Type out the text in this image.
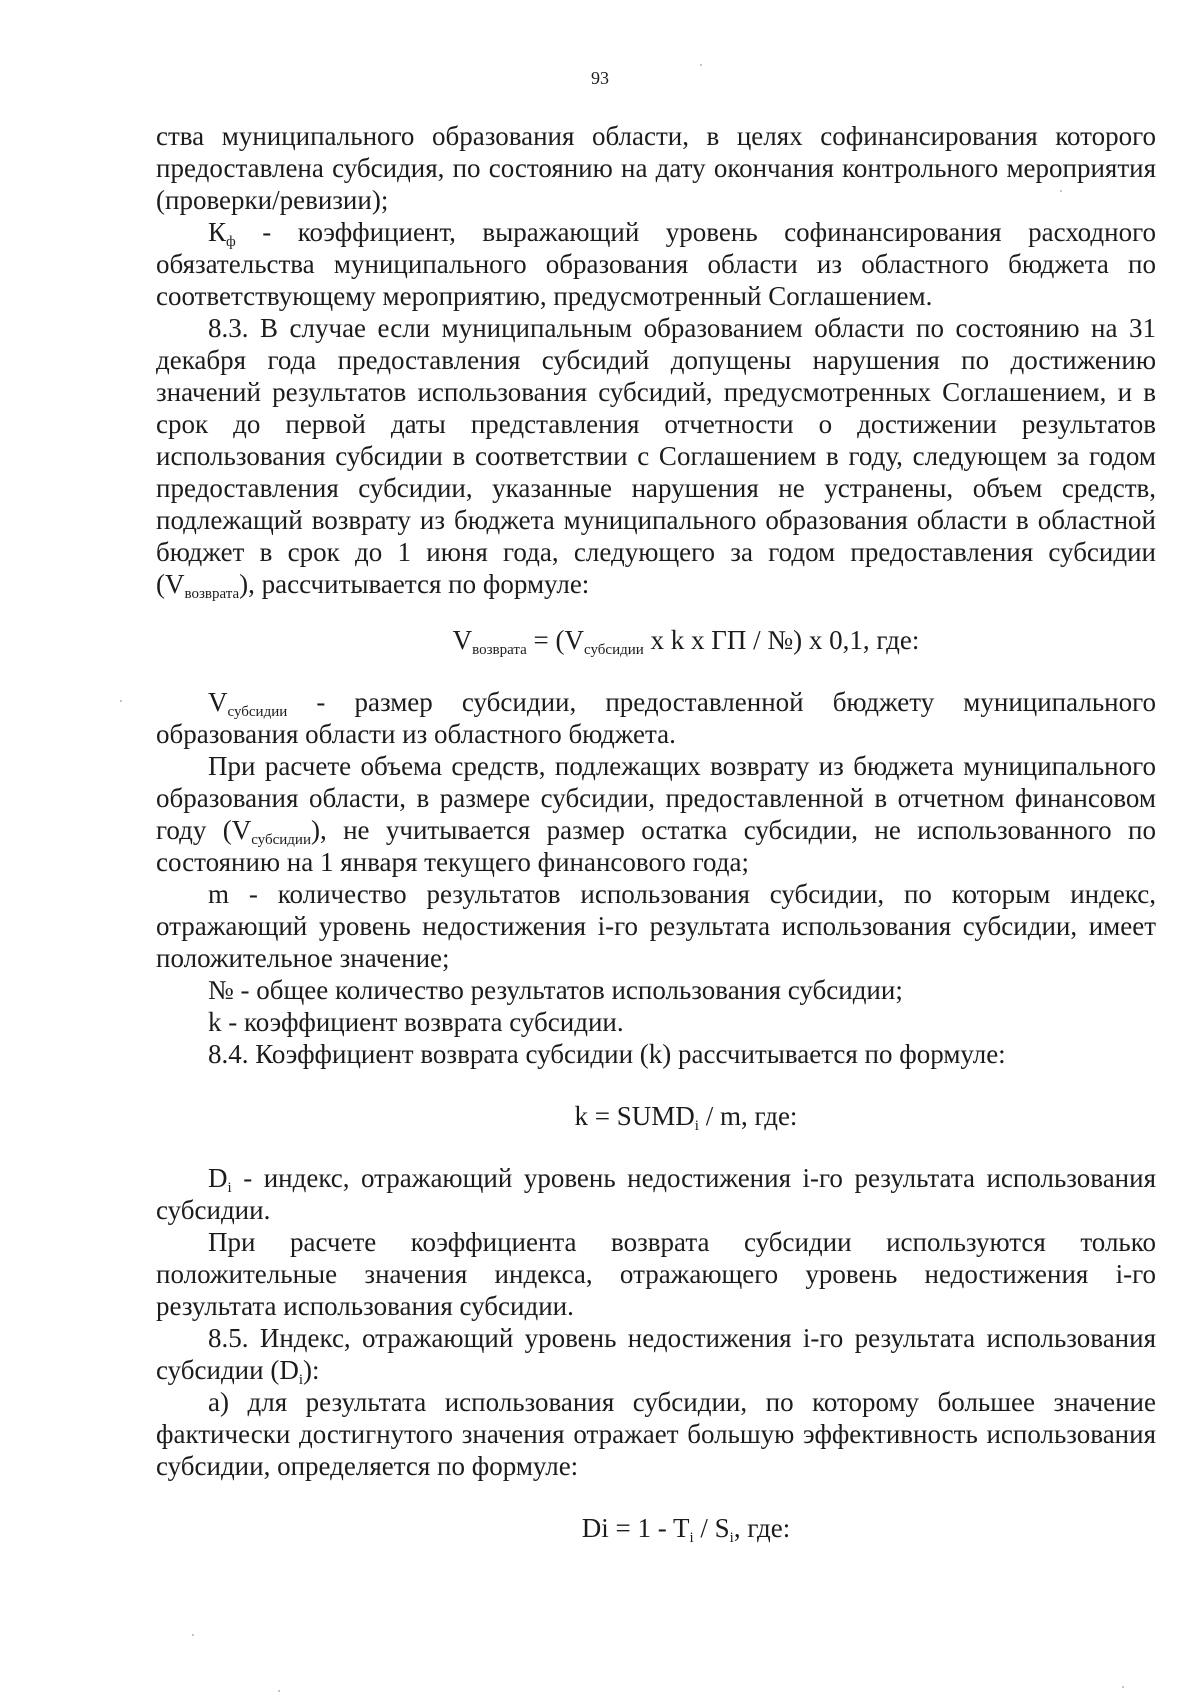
93

ства муниципального образования области, в целях софинансирования которого предоставлена субсидия, по состоянию на дату окончания контрольного мероприятия (проверки/ревизии);

$К_ф$ - коэффициент, выражающий уровень софинансирования расходного обязательства муниципального образования области из областного бюджета по соответствующему мероприятию, предусмотренный Соглашением.

8.3. В случае если муниципальным образованием области по состоянию на 31 декабря года предоставления субсидий допущены нарушения по достижению значений результатов использования субсидий, предусмотренных Соглашением, и в срок до первой даты представления отчетности о достижении результатов использования субсидии в соответствии с Соглашением в году, следующем за годом предоставления субсидии, указанные нарушения не устранены, объем средств, подлежащий возврату из бюджета муниципального образования области в областной бюджет в срок до 1 июня года, следующего за годом предоставления субсидии $(V_{возврата})$, рассчитывается по формуле:

$V_{возврата} = (V_{субсидии}$ x k x ГП / №) x 0,1, где:

$V_{субсидии}$ - размер субсидии, предоставленной бюджету муниципального образования области из областного бюджета.

При расчете объема средств, подлежащих возврату из бюджета муниципального образования области, в размере субсидии, предоставленной в отчетном финансовом году $(V_{субсидии})$, не учитывается размер остатка субсидии, не использованного по состоянию на 1 января текущего финансового года;

m - количество результатов использования субсидии, по которым индекс, отражающий уровень недостижения i-го результата использования субсидии, имеет положительное значение;

№ - общее количество результатов использования субсидии;

k - коэффициент возврата субсидии.

8.4. Коэффициент возврата субсидии (k) рассчитывается по формуле:

$k = SUMD_i / m$, где:

$D_i$ - индекс, отражающий уровень недостижения i-го результата использования субсидии.

При расчете коэффициента возврата субсидии используются только положительные значения индекса, отражающего уровень недостижения i-го результата использования субсидии.

8.5. Индекс, отражающий уровень недостижения i-го результата использования субсидии $(D_i)$:

а) для результата использования субсидии, по которому большее значение фактически достигнутого значения отражает большую эффективность использования субсидии, определяется по формуле:

$Di = 1 - T_i / S_i$, где:
